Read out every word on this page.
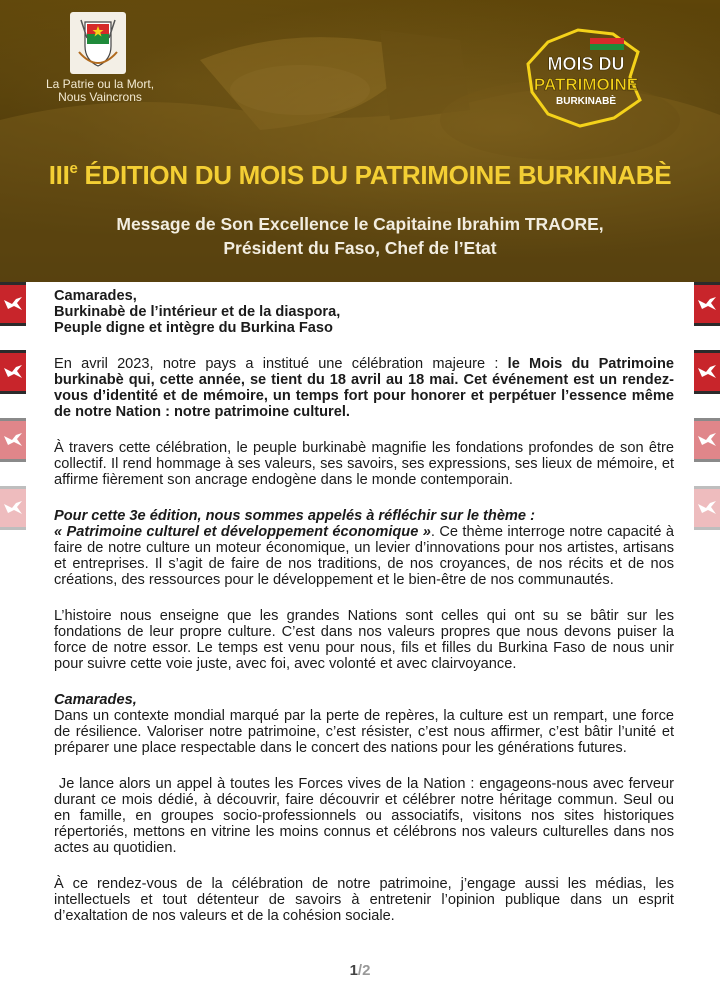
La Patrie ou la Mort,
Nous Vaincrons
MOIS DU
PATRIMOINE
BURKINABÈ
IIIe ÉDITION DU MOIS DU PATRIMOINE BURKINABÈ
Message de Son Excellence le Capitaine Ibrahim TRAORE,
Président du Faso, Chef de l’Etat
Camarades,
Burkinabè de l’intérieur et de la diaspora,
Peuple digne et intègre du Burkina Faso
En avril 2023, notre pays a institué une célébration majeure : le Mois du Patrimoine burkinabè qui, cette année, se tient du 18 avril au 18 mai. Cet événement est un rendez-vous d’identité et de mémoire, un temps fort pour honorer et perpétuer l’essence même de notre Nation : notre patrimoine culturel.
À travers cette célébration, le peuple burkinabè magnifie les fondations profondes de son être collectif. Il rend hommage à ses valeurs, ses savoirs, ses expressions, ses lieux de mémoire, et affirme fièrement son ancrage endogène dans le monde contemporain.
Pour cette 3e édition, nous sommes appelés à réfléchir sur le thème :
« Patrimoine culturel et développement économique ». Ce thème interroge notre capacité à faire de notre culture un moteur économique, un levier d’innovations pour nos artistes, artisans et entreprises. Il s’agit de faire de nos traditions, de nos croyances, de nos récits et de nos créations, des ressources pour le développement et le bien-être de nos communautés.
L’histoire nous enseigne que les grandes Nations sont celles qui ont su se bâtir sur les fondations de leur propre culture. C’est dans nos valeurs propres que nous devons puiser la force de notre essor. Le temps est venu pour nous, fils et filles du Burkina Faso de nous unir pour suivre cette voie juste, avec foi, avec volonté et avec clairvoyance.
Camarades,
Dans un contexte mondial marqué par la perte de repères, la culture est un rempart, une force de résilience. Valoriser notre patrimoine, c’est résister, c’est nous affirmer, c’est bâtir l’unité et préparer une place respectable dans le concert des nations pour les générations futures.
Je lance alors un appel à toutes les Forces vives de la Nation : engageons-nous avec ferveur durant ce mois dédié, à découvrir, faire découvrir et célébrer notre héritage commun. Seul ou en famille, en groupes socio-professionnels ou associatifs, visitons nos sites historiques répertoriés, mettons en vitrine les moins connus et célébrons nos valeurs culturelles dans nos actes au quotidien.
À ce rendez-vous de la célébration de notre patrimoine, j’engage aussi les médias, les intellectuels et tout détenteur de savoirs à entretenir l’opinion publique dans un esprit d’exaltation de nos valeurs et de la cohésion sociale.
1/2
